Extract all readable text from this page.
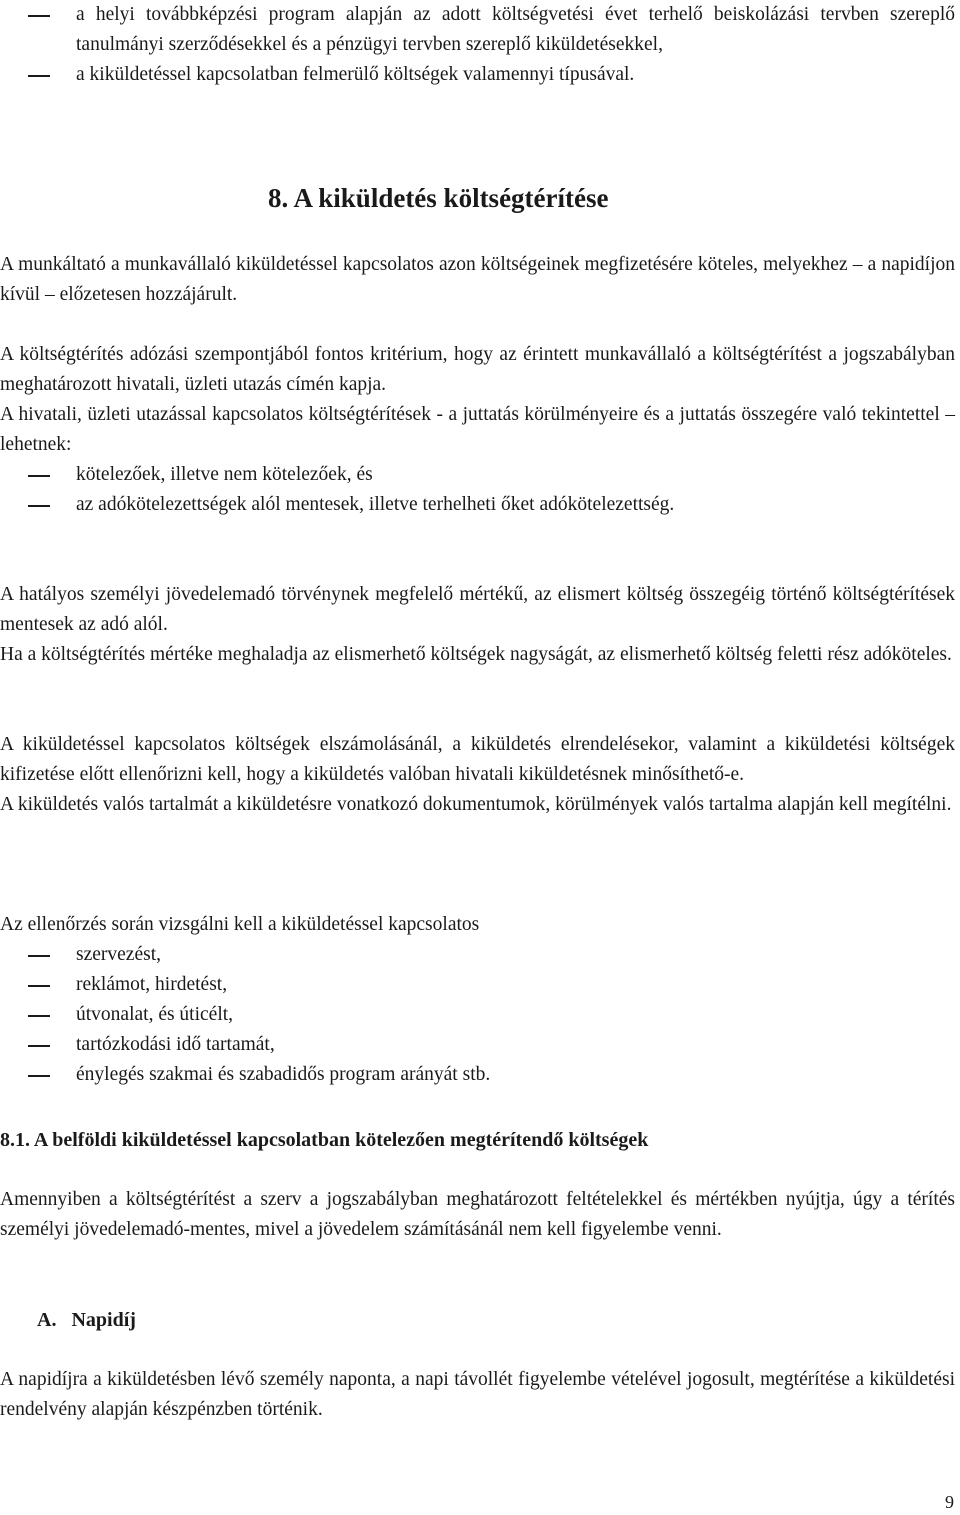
a helyi továbbképzési program alapján az adott költségvetési évet terhelő beiskolázási tervben szereplő tanulmányi szerződésekkel és a pénzügyi tervben szereplő kiküldetésekkel,

a kiküldetéssel kapcsolatban felmerülő költségek valamennyi típusával.

8. A kiküldetés költségtérítése

A munkáltató a munkavállaló kiküldetéssel kapcsolatos azon költségeinek megfizetésére köteles, melyekhez – a napidíjon kívül – előzetesen hozzájárult.

A költségtérítés adózási szempontjából fontos kritérium, hogy az érintett munkavállaló a költségtérítést a jogszabályban meghatározott hivatali, üzleti utazás címén kapja.

A hivatali, üzleti utazással kapcsolatos költségtérítések - a juttatás körülményeire és a juttatás összegére való tekintettel – lehetnek:

kötelezőek, illetve nem kötelezőek, és

az adókötelezettségek alól mentesek, illetve terhelheti őket adókötelezettség.

A hatályos személyi jövedelemadó törvénynek megfelelő mértékű, az elismert költség összegéig történő költségtérítések mentesek az adó alól.

Ha a költségtérítés mértéke meghaladja az elismerhető költségek nagyságát, az elismerhető költség feletti rész adóköteles.

A kiküldetéssel kapcsolatos költségek elszámolásánál, a kiküldetés elrendelésekor, valamint a kiküldetési költségek kifizetése előtt ellenőrizni kell, hogy a kiküldetés valóban hivatali kiküldetésnek minősíthető-e.

A kiküldetés valós tartalmát a kiküldetésre vonatkozó dokumentumok, körülmények valós tartalma alapján kell megítélni.

Az ellenőrzés során vizsgálni kell a kiküldetéssel kapcsolatos

szervezést,

reklámot, hirdetést,

útvonalat, és úticélt,

tartózkodási idő tartamát,

énylegés szakmai és szabadidős program arányát stb.

8.1. A belföldi kiküldetéssel kapcsolatban kötelezően megtérítendő költségek

Amennyiben a költségtérítést a szerv a jogszabályban meghatározott feltételekkel és mértékben nyújtja, úgy a térítés személyi jövedelemadó-mentes, mivel a jövedelem számításánál nem kell figyelembe venni.

A.   Napidíj

A napidíjra a kiküldetésben lévő személy naponta, a napi távollét figyelembe vételével jogosult, megtérítése a kiküldetési rendelvény alapján készpénzben történik.

9
